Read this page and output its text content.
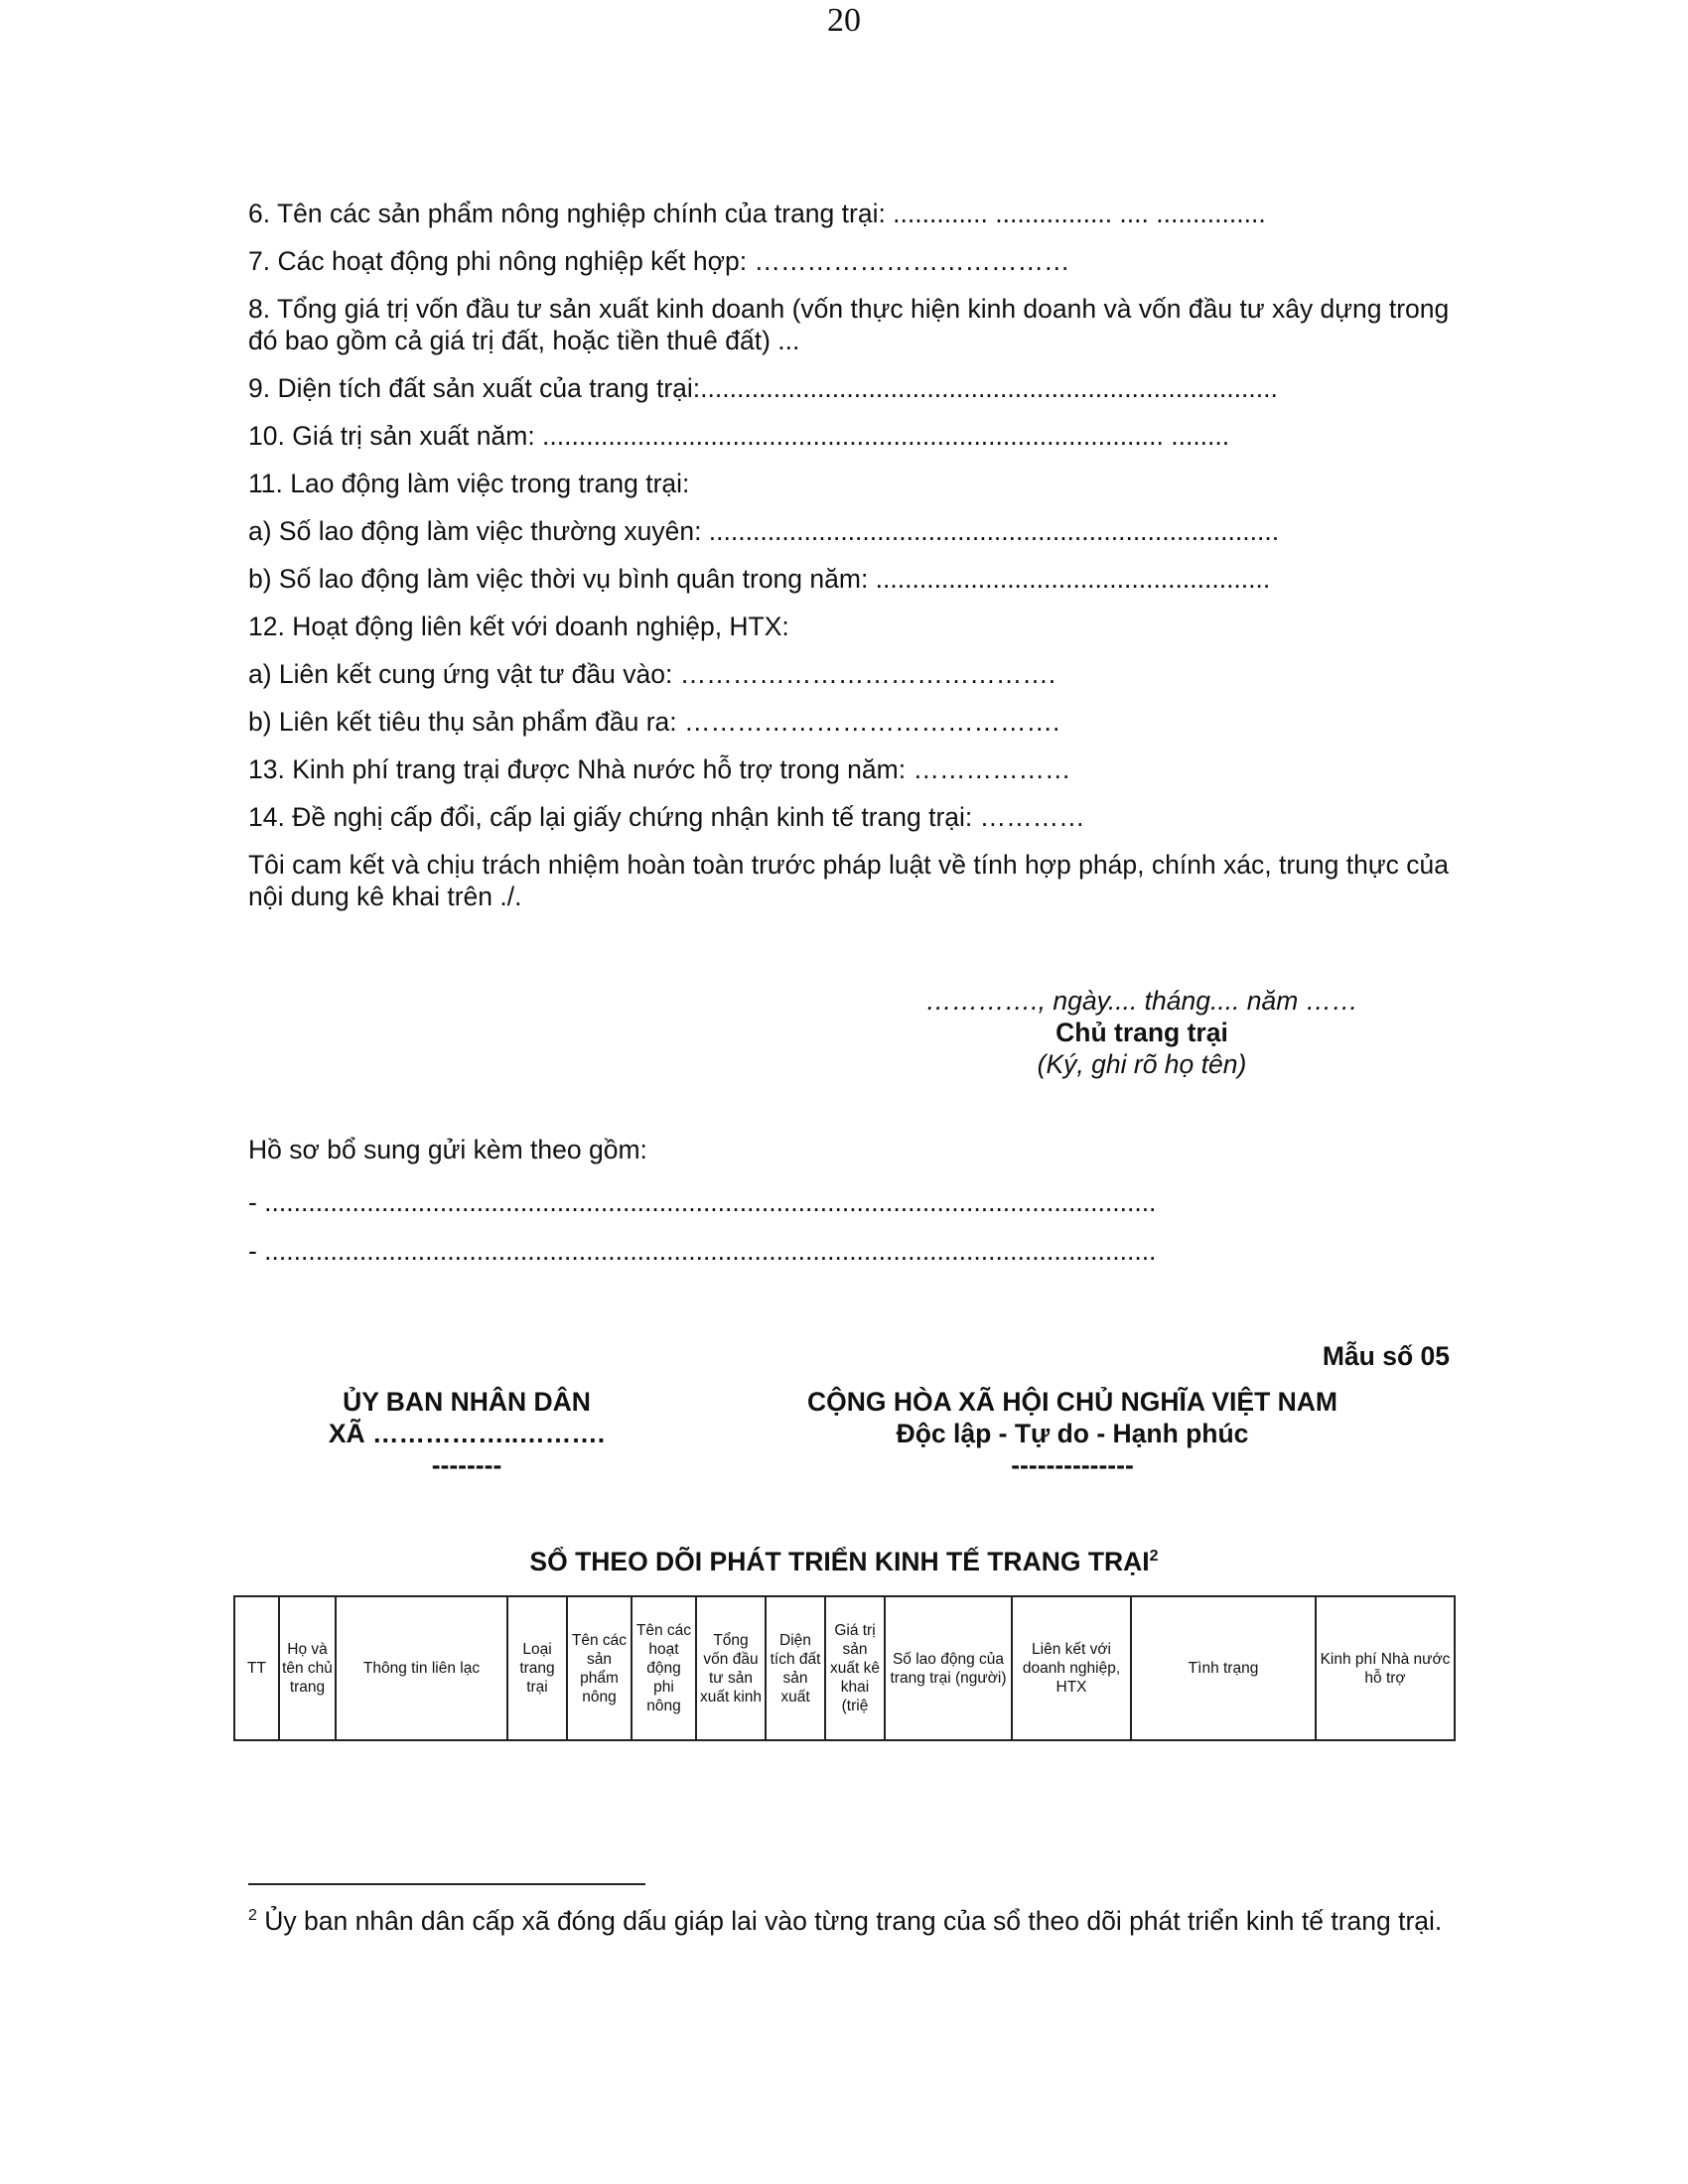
20
6. Tên các sản phẩm nông nghiệp chính của trang trại: ............. ................ .... ...............
7. Các hoạt động phi nông nghiệp kết hợp: ………………………………
8. Tổng giá trị vốn đầu tư sản xuất kinh doanh (vốn thực hiện kinh doanh và vốn đầu tư xây dựng trong đó bao gồm cả giá trị đất, hoặc tiền thuê đất) ...
9. Diện tích đất sản xuất của trang trại:...............................................................................
10. Giá trị sản xuất năm: ..................................................................................... ........
11. Lao động làm việc trong trang trại:
a) Số lao động làm việc thường xuyên: ..............................................................................
b) Số lao động làm việc thời vụ bình quân trong năm: ......................................................
12. Hoạt động liên kết với doanh nghiệp, HTX:
a) Liên kết cung ứng vật tư đầu vào: …………………………………….
b) Liên kết tiêu thụ sản phẩm đầu ra: …………………………………….
13. Kinh phí trang trại được Nhà nước hỗ trợ trong năm: ………………
14. Đề nghị cấp đổi, cấp lại giấy chứng nhận kinh tế trang trại: …………
Tôi cam kết và chịu trách nhiệm hoàn toàn trước pháp luật về tính hợp pháp, chính xác, trung thực của nội dung kê khai trên ./.
…………., ngày.... tháng.... năm ……
Chủ trang trại
(Ký, ghi rõ họ tên)
Hồ sơ bổ sung gửi kèm theo gồm:
- ..........................................................................................................................
- ..........................................................................................................................
Mẫu số 05
ỦY BAN NHÂN DÂN
XÃ ……………..……….
--------
CỘNG HÒA XÃ HỘI CHỦ NGHĨA VIỆT NAM
Độc lập - Tự do - Hạnh phúc
--------------
SỔ THEO DÕI PHÁT TRIỂN KINH TẾ TRANG TRẠI$^2$
TT	Họ và tên chủ trang	Thông tin liên lạc	Loại trang trại	Tên các sản phẩm nông	Tên các hoạt động phi nông	Tổng vốn đầu tư sản xuất kinh	Diện tích đất sản xuất	Giá trị sản xuất kê khai (triệ	Số lao động của trang trại (người)	Liên kết với doanh nghiệp, HTX	Tình trạng	Kinh phí Nhà nước hỗ trợ
$^2$ Ủy ban nhân dân cấp xã đóng dấu giáp lai vào từng trang của sổ theo dõi phát triển kinh tế trang trại.
